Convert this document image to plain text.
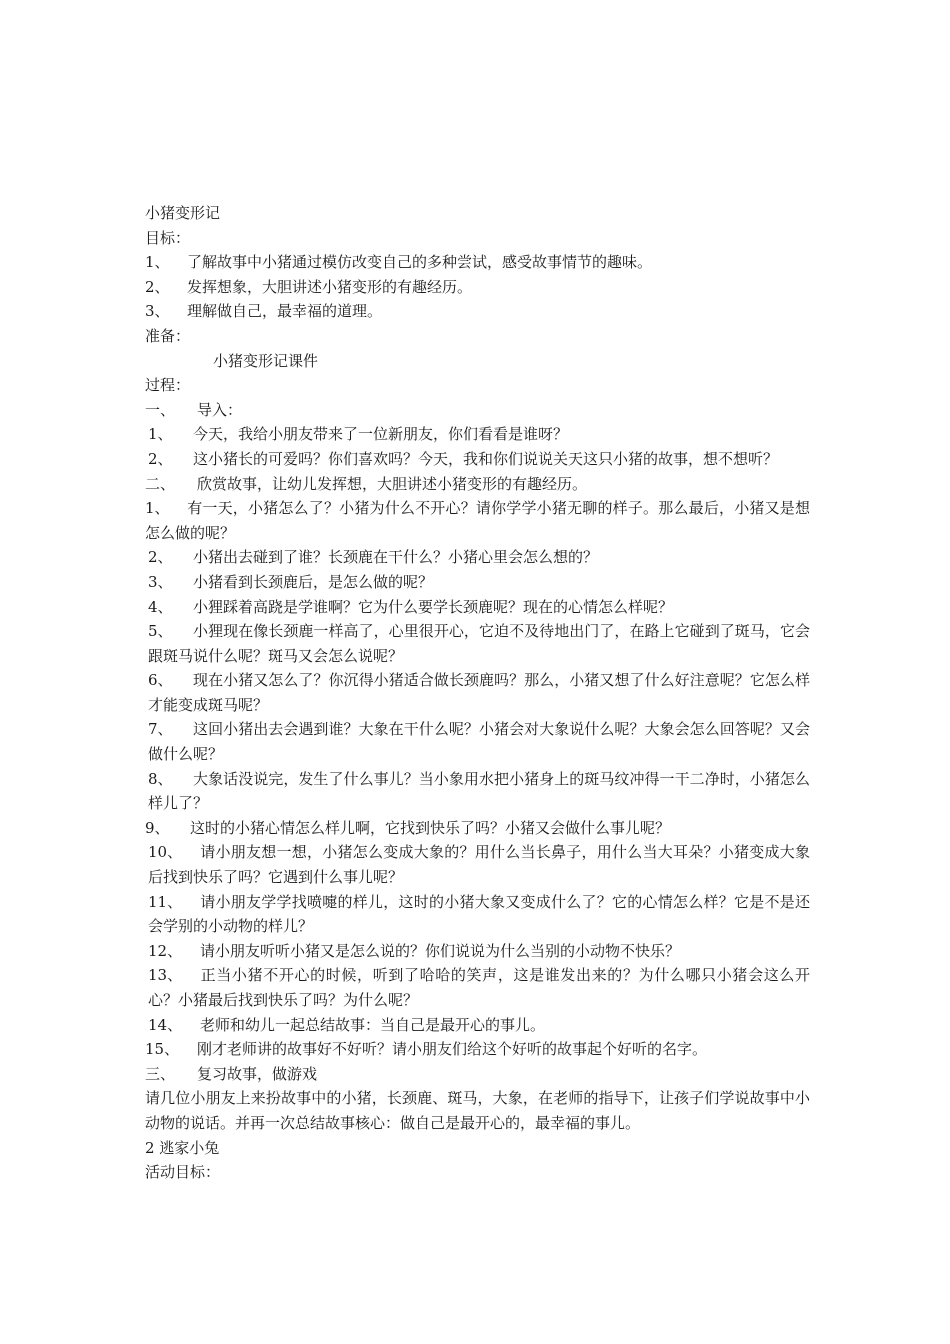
小猪变形记
目标：
1、 了解故事中小猪通过模仿改变自己的多种尝试，感受故事情节的趣味。
2、 发挥想象，大胆讲述小猪变形的有趣经历。
3、 理解做自己，最幸福的道理。
准备：
小猪变形记课件
过程：
一、 导入：
1、 今天，我给小朋友带来了一位新朋友，你们看看是谁呀？
2、 这小猪长的可爱吗？你们喜欢吗？今天，我和你们说说关天这只小猪的故事，想不想听？
二、 欣赏故事，让幼儿发挥想，大胆讲述小猪变形的有趣经历。
1、 有一天，小猪怎么了？小猪为什么不开心？请你学学小猪无聊的样子。那么最后，小猪又是想怎么做的呢？
2、 小猪出去碰到了谁？长颈鹿在干什么？小猪心里会怎么想的？
3、 小猪看到长颈鹿后，是怎么做的呢？
4、 小狸踩着高跷是学谁啊？它为什么要学长颈鹿呢？现在的心情怎么样呢？
5、 小狸现在像长颈鹿一样高了，心里很开心，它迫不及待地出门了，在路上它碰到了斑马，它会跟斑马说什么呢？斑马又会怎么说呢？
6、 现在小猪又怎么了？你沉得小猪适合做长颈鹿吗？那么，小猪又想了什么好注意呢？它怎么样才能变成斑马呢？
7、 这回小猪出去会遇到谁？大象在干什么呢？小猪会对大象说什么呢？大象会怎么回答呢？又会做什么呢？
8、 大象话没说完，发生了什么事儿？当小象用水把小猪身上的斑马纹冲得一干二净时，小猪怎么样儿了？
9、 这时的小猪心情怎么样儿啊，它找到快乐了吗？小猪又会做什么事儿呢？
10、 请小朋友想一想，小猪怎么变成大象的？用什么当长鼻子，用什么当大耳朵？小猪变成大象后找到快乐了吗？它遇到什么事儿呢？
11、 请小朋友学学找喷嚏的样儿，这时的小猪大象又变成什么了？它的心情怎么样？它是不是还会学别的小动物的样儿？
12、 请小朋友听听小猪又是怎么说的？你们说说为什么当别的小动物不快乐？
13、 正当小猪不开心的时候，听到了哈哈的笑声，这是谁发出来的？为什么哪只小猪会这么开心？小猪最后找到快乐了吗？为什么呢？
14、 老师和幼儿一起总结故事：当自己是最开心的事儿。
15、 刚才老师讲的故事好不好听？请小朋友们给这个好听的故事起个好听的名字。
三、 复习故事，做游戏
请几位小朋友上来扮故事中的小猪，长颈鹿、斑马，大象，在老师的指导下，让孩子们学说故事中小动物的说话。并再一次总结故事核心：做自己是最开心的，最幸福的事儿。
2 逃家小兔
活动目标：
